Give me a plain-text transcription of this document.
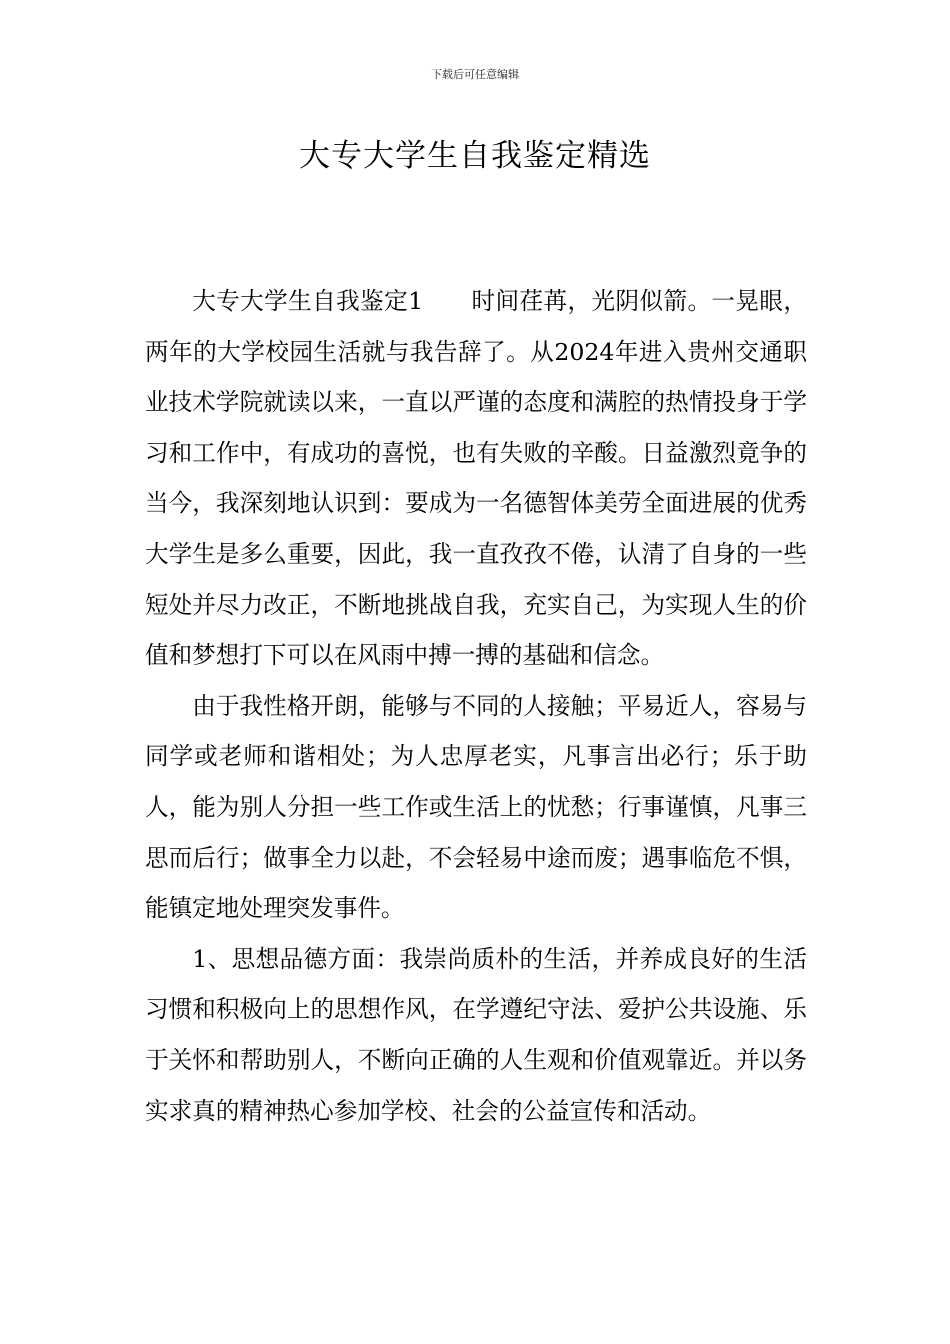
下载后可任意编辑
大专大学生自我鉴定精选

大专大学生自我鉴定1 时间荏苒，光阴似箭。一晃眼，两年的大学校园生活就与我告辞了。从2024年进入贵州交通职业技术学院就读以来，一直以严谨的态度和满腔的热情投身于学习和工作中，有成功的喜悦，也有失败的辛酸。日益激烈竟争的当今，我深刻地认识到：要成为一名德智体美劳全面进展的优秀大学生是多么重要，因此，我一直孜孜不倦，认清了自身的一些短处并尽力改正，不断地挑战自我，充实自己，为实现人生的价值和梦想打下可以在风雨中搏一搏的基础和信念。

由于我性格开朗，能够与不同的人接触；平易近人，容易与同学或老师和谐相处；为人忠厚老实，凡事言出必行；乐于助人，能为别人分担一些工作或生活上的忧愁；行事谨慎，凡事三思而后行；做事全力以赴，不会轻易中途而废；遇事临危不惧，能镇定地处理突发事件。

1、思想品德方面：我崇尚质朴的生活，并养成良好的生活习惯和积极向上的思想作风，在学遵纪守法、爱护公共设施、乐于关怀和帮助别人，不断向正确的人生观和价值观靠近。并以务实求真的精神热心参加学校、社会的公益宣传和活动。
